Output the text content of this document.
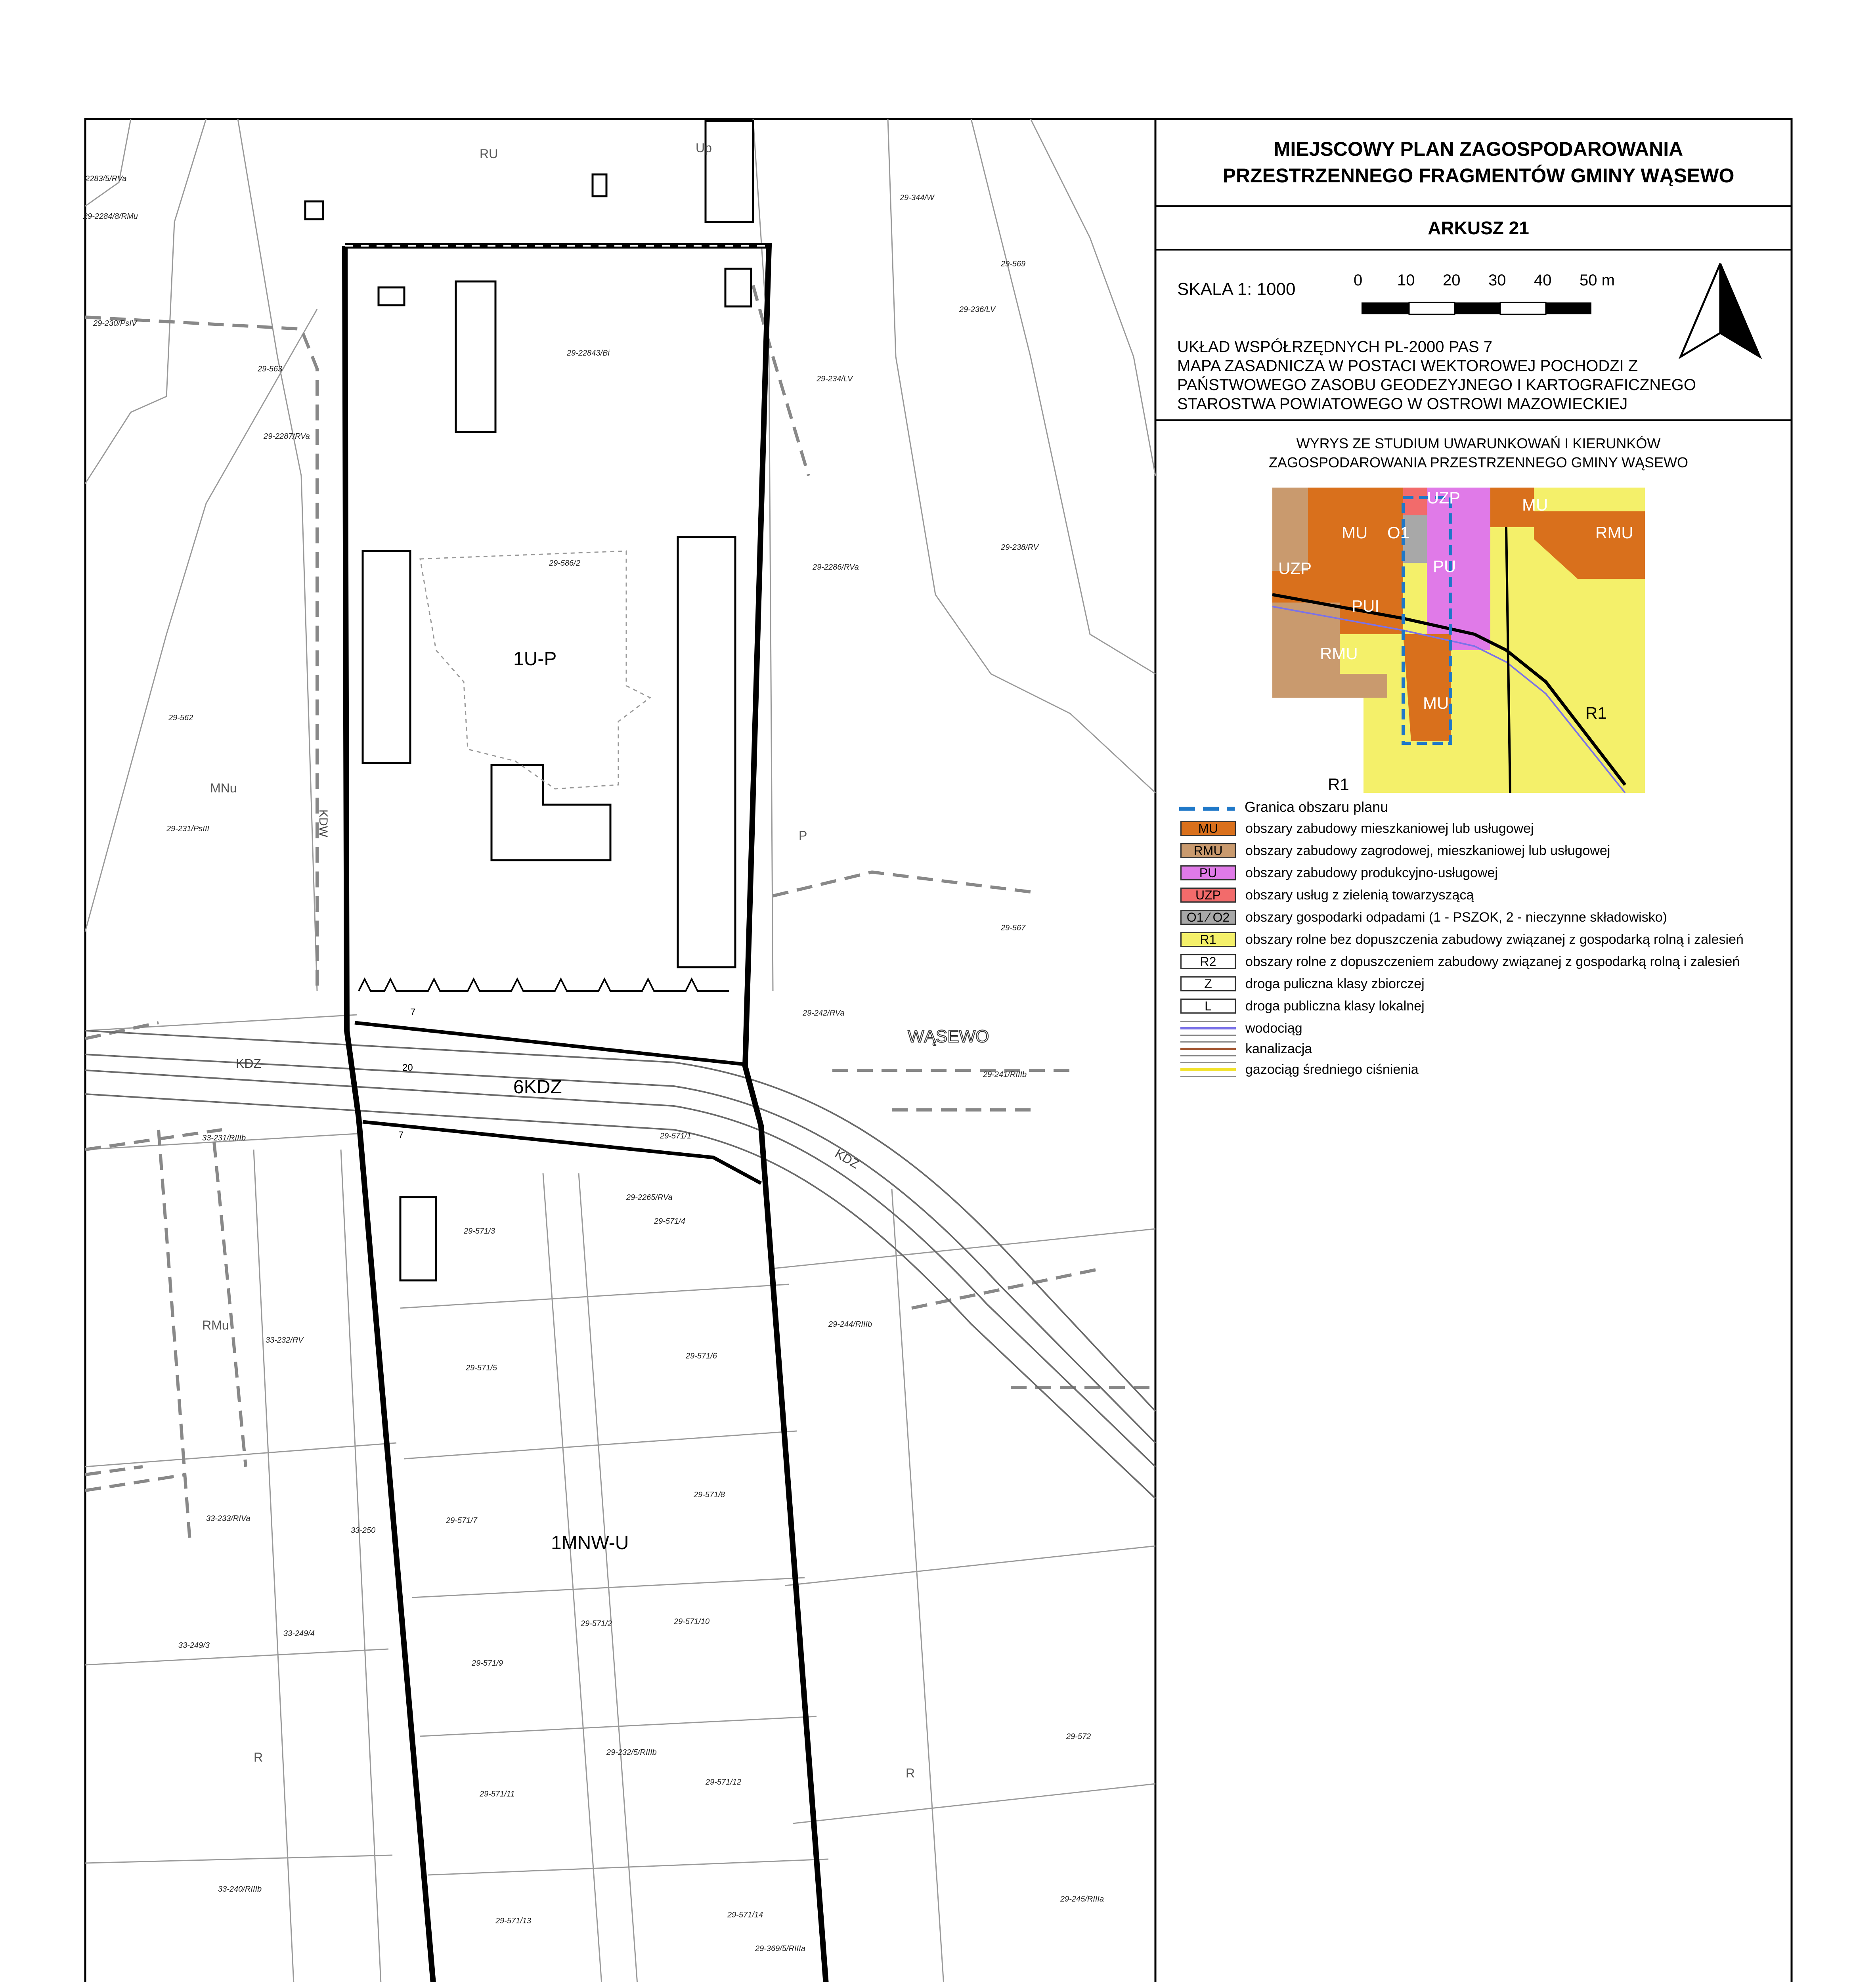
1U-P
6KDZ
1MNW-U
WĄSEWO
KDZ
KDZ
KDW
RU	Up
MNu
P
RMu
R
R
7
20
7
29-2284/8/RMu
2283/5/RVa
29-344/W
29-569
29-236/LV
29-230/PsIV
29-22843/Bi
29-563
29-234/LV
29-2287/RVa
29-238/RV
29-586/2	29-2286/RVa
29-562
29-231/PsIII
29-567
29-242/RVa
29-241/RIIIb
33-231/RIIIb	29-571/1
29-2265/RVa
29-571/3
29-571/4
29-244/RIIIb
33-232/RV
29-571/5
29-571/6
29-571/7
29-571/8
33-233/RIVa
33-250
33-249/4
33-249/3
29-571/2	29-571/10
29-571/9
29-572
29-232/5/RIIIb
29-571/11
29-571/12
33-240/RIIIb
29-245/RIIIa
29-571/13
29-571/14
29-369/5/RIIIa
MIEJSCOWY PLAN ZAGOSPODAROWANIA
PRZESTRZENNEGO FRAGMENTÓW GMINY WĄSEWO
ARKUSZ 21
SKALA 1: 1000	0 10 20 30 40 50 m
UKŁAD WSPÓŁRZĘDNYCH PL-2000 PAS 7
MAPA ZASADNICZA W POSTACI WEKTOROWEJ POCHODZI Z
PAŃSTWOWEGO ZASOBU GEODEZYJNEGO I KARTOGRAFICZNEGO
STAROSTWA POWIATOWEGO W OSTROWI MAZOWIECKIEJ
WYRYS ZE STUDIUM UWARUNKOWAŃ I KIERUNKÓW
ZAGOSPODAROWANIA PRZESTRZENNEGO GMINY WĄSEWO
MU O1
UZP	MU
RMU
UZP	PU
PUI
RMU
MU
R1
R1
Granica obszaru planu
MU	obszary zabudowy mieszkaniowej lub usługowej
RMU	obszary zabudowy zagrodowej, mieszkaniowej lub usługowej
PU	obszary zabudowy produkcyjno-usługowej
UZP	obszary usług z zielenią towarzyszącą
O1 ⁄ O2	obszary gospodarki odpadami (1 - PSZOK, 2 - nieczynne składowisko)
R1	obszary rolne bez dopuszczenia zabudowy związanej z gospodarką rolną i zalesień
R2	obszary rolne z dopuszczeniem zabudowy związanej z gospodarką rolną i zalesień
Z	droga puliczna klasy zbiorczej
L	droga publiczna klasy lokalnej
wodociąg
kanalizacja
gazociąg średniego ciśnienia
